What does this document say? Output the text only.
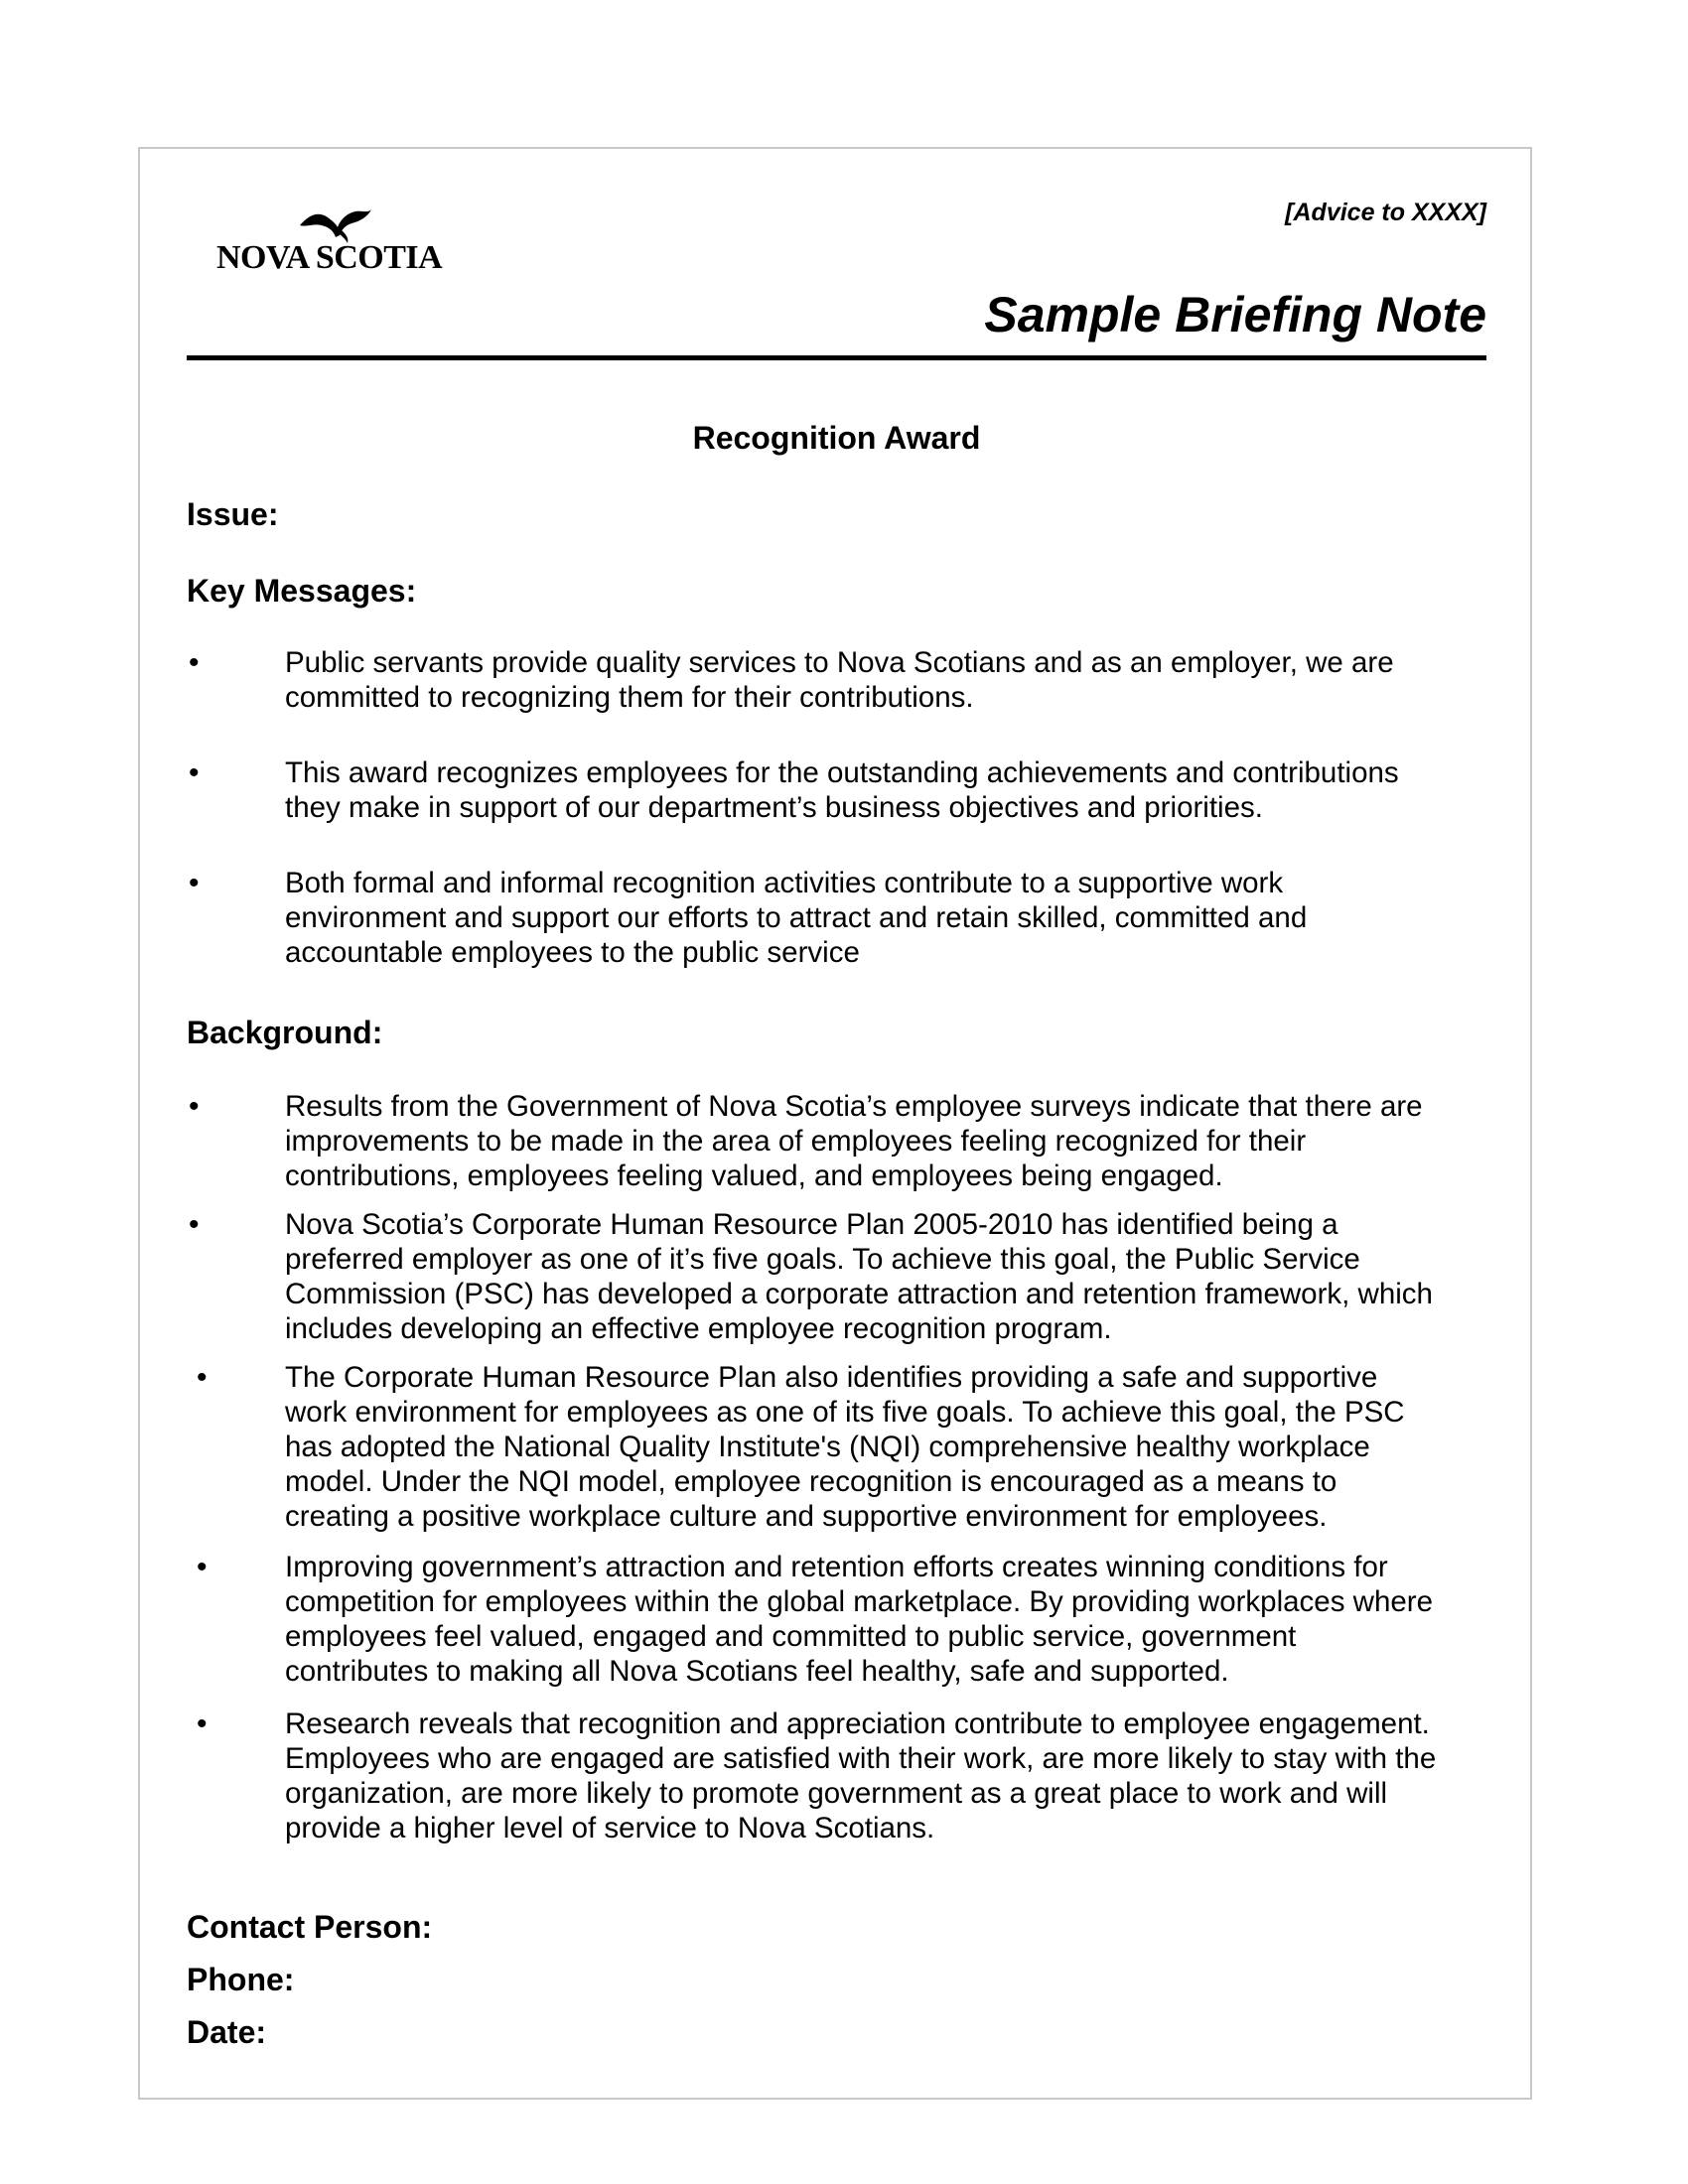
NOVA SCOTIA
[Advice to XXXX]
Sample Briefing Note
Recognition Award
Issue:
Key Messages:
•	Public servants provide quality services to Nova Scotians and as an employer, we are
committed to recognizing them for their contributions.
•	This award recognizes employees for the outstanding achievements and contributions
they make in support of our department’s business objectives and priorities.
•	Both formal and informal recognition activities contribute to a supportive work
environment and support our efforts to attract and retain skilled, committed and
accountable employees to the public service
Background:
•	Results from the Government of Nova Scotia’s employee surveys indicate that there are
improvements to be made in the area of employees feeling recognized for their
contributions, employees feeling valued, and employees being engaged.
•	Nova Scotia’s Corporate Human Resource Plan 2005-2010 has identified being a
preferred employer as one of it’s five goals. To achieve this goal, the Public Service
Commission (PSC) has developed a corporate attraction and retention framework, which
includes developing an effective employee recognition program.
•	The Corporate Human Resource Plan also identifies providing a safe and supportive
work environment for employees as one of its five goals. To achieve this goal, the PSC
has adopted the National Quality Institute's (NQI) comprehensive healthy workplace
model. Under the NQI model, employee recognition is encouraged as a means to
creating a positive workplace culture and supportive environment for employees.
•	Improving government’s attraction and retention efforts creates winning conditions for
competition for employees within the global marketplace. By providing workplaces where
employees feel valued, engaged and committed to public service, government
contributes to making all Nova Scotians feel healthy, safe and supported.
•	Research reveals that recognition and appreciation contribute to employee engagement.
Employees who are engaged are satisfied with their work, are more likely to stay with the
organization, are more likely to promote government as a great place to work and will
provide a higher level of service to Nova Scotians.
Contact Person:
Phone:
Date:
